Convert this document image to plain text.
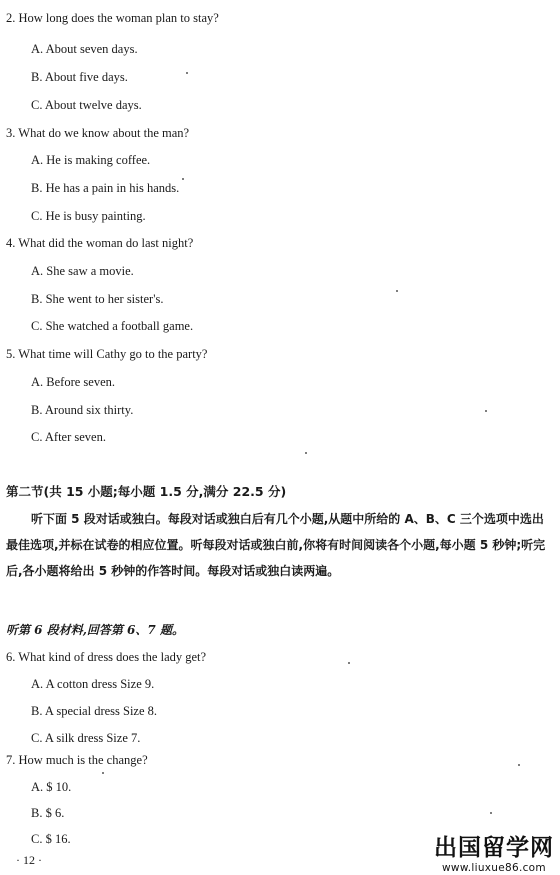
2. How long does the woman plan to stay?
A. About seven days.
B. About five days.
C. About twelve days.
3. What do we know about the man?
A. He is making coffee.
B. He has a pain in his hands.
C. He is busy painting.
4. What did the woman do last night?
A. She saw a movie.
B. She went to her sister's.
C. She watched a football game.
5. What time will Cathy go to the party?
A. Before seven.
B. Around six thirty.
C. After seven.
第二节(共 15 小题;每小题 1.5 分,满分 22.5 分)
听下面 5 段对话或独白。每段对话或独白后有几个小题,从题中所给的 A、B、C 三个选项中选出最佳选项,并标在试卷的相应位置。听每段对话或独白前,你将有时间阅读各个小题,每小题 5 秒钟;听完后,各小题将给出 5 秒钟的作答时间。每段对话或独白读两遍。
听第 6 段材料,回答第 6、7 题。
6. What kind of dress does the lady get?
A. A cotton dress Size 9.
B. A special dress Size 8.
C. A silk dress Size 7.
7. How much is the change?
A. $ 10.
B. $ 6.
C. $ 16.
· 12 ·	出国留学网
www.liuxue86.com
